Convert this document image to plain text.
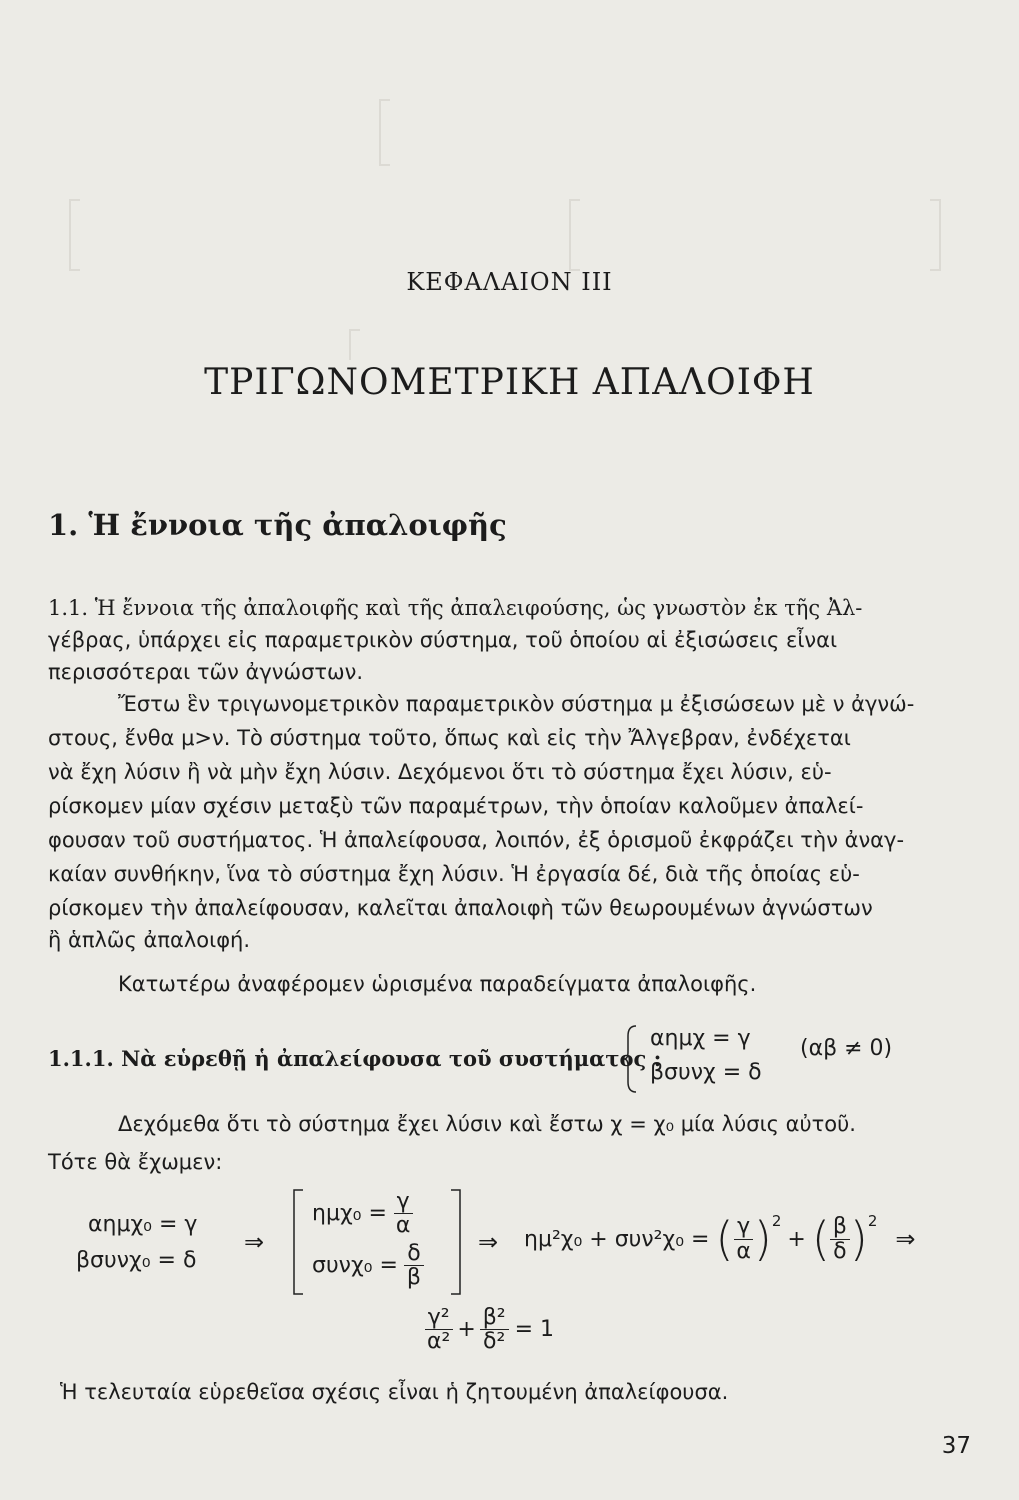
ΚΕΦΑΛΑΙΟΝ ΙΙΙ
ΤΡΙΓΩΝΟΜΕΤΡΙΚΗ ΑΠΑΛΟΙΦΗ
1. Ἡ ἔννοια τῆς ἀπαλοιφῆς
1.1. Ἡ ἔννοια τῆς ἀπαλοιφῆς καὶ τῆς ἀπαλειφούσης, ὡς γνωστὸν ἐκ τῆς Ἀλ-
γέβρας, ὑπάρχει εἰς παραμετρικὸν σύστημα, τοῦ ὁποίου αἱ ἐξισώσεις εἶναι
περισσότεραι τῶν ἀγνώστων.
Ἔστω ἓν τριγωνομετρικὸν παραμετρικὸν σύστημα μ ἐξισώσεων μὲ ν ἀγνώ-
στους, ἔνθα μ>ν. Τὸ σύστημα τοῦτο, ὅπως καὶ εἰς τὴν Ἄλγεβραν, ἐνδέχεται
νὰ ἔχη λύσιν ἢ νὰ μὴν ἔχη λύσιν. Δεχόμενοι ὅτι τὸ σύστημα ἔχει λύσιν, εὑ-
ρίσκομεν μίαν σχέσιν μεταξὺ τῶν παραμέτρων, τὴν ὁποίαν καλοῦμεν ἀπαλεί-
φουσαν τοῦ συστήματος. Ἡ ἀπαλείφουσα, λοιπόν, ἐξ ὁρισμοῦ ἐκφράζει τὴν ἀναγ-
καίαν συνθήκην, ἵνα τὸ σύστημα ἔχη λύσιν. Ἡ ἐργασία δέ, διὰ τῆς ὁποίας εὑ-
ρίσκομεν τὴν ἀπαλείφουσαν, καλεῖται ἀπαλοιφὴ τῶν θεωρουμένων ἀγνώστων
ἢ ἁπλῶς ἀπαλοιφή.
Κατωτέρω ἀναφέρομεν ὡρισμένα παραδείγματα ἀπαλοιφῆς.
1.1.1. Νὰ εὑρεθῇ ἡ ἀπαλείφουσα τοῦ συστήματος :
αημχ = γ
βσυνχ = δ
(αβ ≠ 0)
Δεχόμεθα ὅτι τὸ σύστημα ἔχει λύσιν καὶ ἔστω χ = χ₀ μία λύσις αὐτοῦ.
Τότε θὰ ἔχωμεν:
αημχ₀ = γ
βσυνχ₀ = δ
⇒
$\eta\mu\chi_0 = \frac{\gamma}{\alpha}$
$\sigma\upsilon\nu\chi_0 = \frac{\delta}{\beta}$ ⇒ ημ²χ₀ + συν²χ₀ = ( $\frac{\gamma}{\alpha} )^2$
+ ( $\frac{\beta}{\delta} )^2$
⇒
$\frac{\text{γ²}}{\text{α²}} + \frac{\text{β²}}{\text{δ²}} = 1$
Ἡ τελευταία εὑρεθεῖσα σχέσις εἶναι ἡ ζητουμένη ἀπαλείφουσα.
37
